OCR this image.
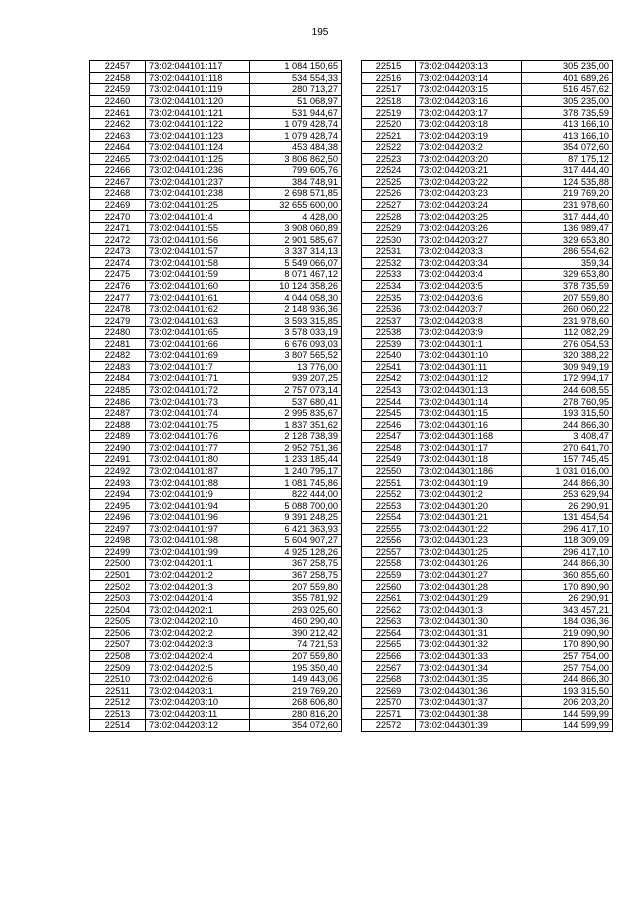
195
22457	73:02:044101:117	1 084 150,65
22458	73:02:044101:118	534 554,33
22459	73:02:044101:119	280 713,27
22460	73:02:044101:120	51 068,97
22461	73:02:044101:121	531 944,67
22462	73:02:044101:122	1 079 428,74
22463	73:02:044101:123	1 079 428,74
22464	73:02:044101:124	453 484,38
22465	73:02:044101:125	3 806 862,50
22466	73:02:044101:236	799 605,76
22467	73:02:044101:237	384 748,91
22468	73:02:044101:238	2 698 571,85
22469	73:02:044101:25	32 655 600,00
22470	73:02:044101:4	4 428,00
22471	73:02:044101:55	3 908 060,89
22472	73:02:044101:56	2 901 585,67
22473	73:02:044101:57	3 337 314,13
22474	73:02:044101:58	5 549 066,07
22475	73:02:044101:59	8 071 467,12
22476	73:02:044101:60	10 124 358,26
22477	73:02:044101:61	4 044 058,30
22478	73:02:044101:62	2 148 936,36
22479	73:02:044101:63	3 593 315,85
22480	73:02:044101:65	3 578 033,19
22481	73:02:044101:66	6 676 093,03
22482	73:02:044101:69	3 807 565,52
22483	73:02:044101:7	13 776,00
22484	73:02:044101:71	939 207,25
22485	73:02:044101:72	2 757 073,14
22486	73:02:044101:73	537 680,41
22487	73:02:044101:74	2 995 835,67
22488	73:02:044101:75	1 837 351,62
22489	73:02:044101:76	2 128 738,39
22490	73:02:044101:77	2 952 751,36
22491	73:02:044101:80	1 233 185,44
22492	73:02:044101:87	1 240 795,17
22493	73:02:044101:88	1 081 745,86
22494	73:02:044101:9	822 444,00
22495	73:02:044101:94	5 088 700,00
22496	73:02:044101:96	9 391 248,25
22497	73:02:044101:97	6 421 363,93
22498	73:02:044101:98	5 604 907,27
22499	73:02:044101:99	4 925 128,26
22500	73:02:044201:1	367 258,75
22501	73:02:044201:2	367 258,75
22502	73:02:044201:3	207 559,80
22503	73:02:044201:4	355 781,92
22504	73:02:044202:1	293 025,60
22505	73:02:044202:10	460 290,40
22506	73:02:044202:2	390 212,42
22507	73:02:044202:3	74 721,53
22508	73:02:044202:4	207 559,80
22509	73:02:044202:5	195 350,40
22510	73:02:044202:6	149 443,06
22511	73:02:044203:1	219 769,20
22512	73:02:044203:10	268 606,80
22513	73:02:044203:11	280 816,20
22514	73:02:044203:12	354 072,60
22515	73:02:044203:13	305 235,00
22516	73:02:044203:14	401 689,26
22517	73:02:044203:15	516 457,62
22518	73:02:044203:16	305 235,00
22519	73:02:044203:17	378 735,59
22520	73:02:044203:18	413 166,10
22521	73:02:044203:19	413 166,10
22522	73:02:044203:2	354 072,60
22523	73:02:044203:20	87 175,12
22524	73:02:044203:21	317 444,40
22525	73:02:044203:22	124 535,88
22526	73:02:044203:23	219 769,20
22527	73:02:044203:24	231 978,60
22528	73:02:044203:25	317 444,40
22529	73:02:044203:26	136 989,47
22530	73:02:044203:27	329 653,80
22531	73:02:044203:3	286 554,62
22532	73:02:044203:34	359,34
22533	73:02:044203:4	329 653,80
22534	73:02:044203:5	378 735,59
22535	73:02:044203:6	207 559,80
22536	73:02:044203:7	260 060,22
22537	73:02:044203:8	231 978,60
22538	73:02:044203:9	112 082,29
22539	73:02:044301:1	276 054,53
22540	73:02:044301:10	320 388,22
22541	73:02:044301:11	309 949,19
22542	73:02:044301:12	172 994,17
22543	73:02:044301:13	244 608,55
22544	73:02:044301:14	278 760,95
22545	73:02:044301:15	193 315,50
22546	73:02:044301:16	244 866,30
22547	73:02:044301:168	3 408,47
22548	73:02:044301:17	270 641,70
22549	73:02:044301:18	157 745,45
22550	73:02:044301:186	1 031 016,00
22551	73:02:044301:19	244 866,30
22552	73:02:044301:2	253 629,94
22553	73:02:044301:20	26 290,91
22554	73:02:044301:21	131 454,54
22555	73:02:044301:22	296 417,10
22556	73:02:044301:23	118 309,09
22557	73:02:044301:25	296 417,10
22558	73:02:044301:26	244 866,30
22559	73:02:044301:27	360 855,60
22560	73:02:044301:28	170 890,90
22561	73:02:044301:29	26 290,91
22562	73:02:044301:3	343 457,21
22563	73:02:044301:30	184 036,36
22564	73:02:044301:31	219 090,90
22565	73:02:044301:32	170 890,90
22566	73:02:044301:33	257 754,00
22567	73:02:044301:34	257 754,00
22568	73:02:044301:35	244 866,30
22569	73:02:044301:36	193 315,50
22570	73:02:044301:37	206 203,20
22571	73:02:044301:38	144 599,99
22572	73:02:044301:39	144 599,99
